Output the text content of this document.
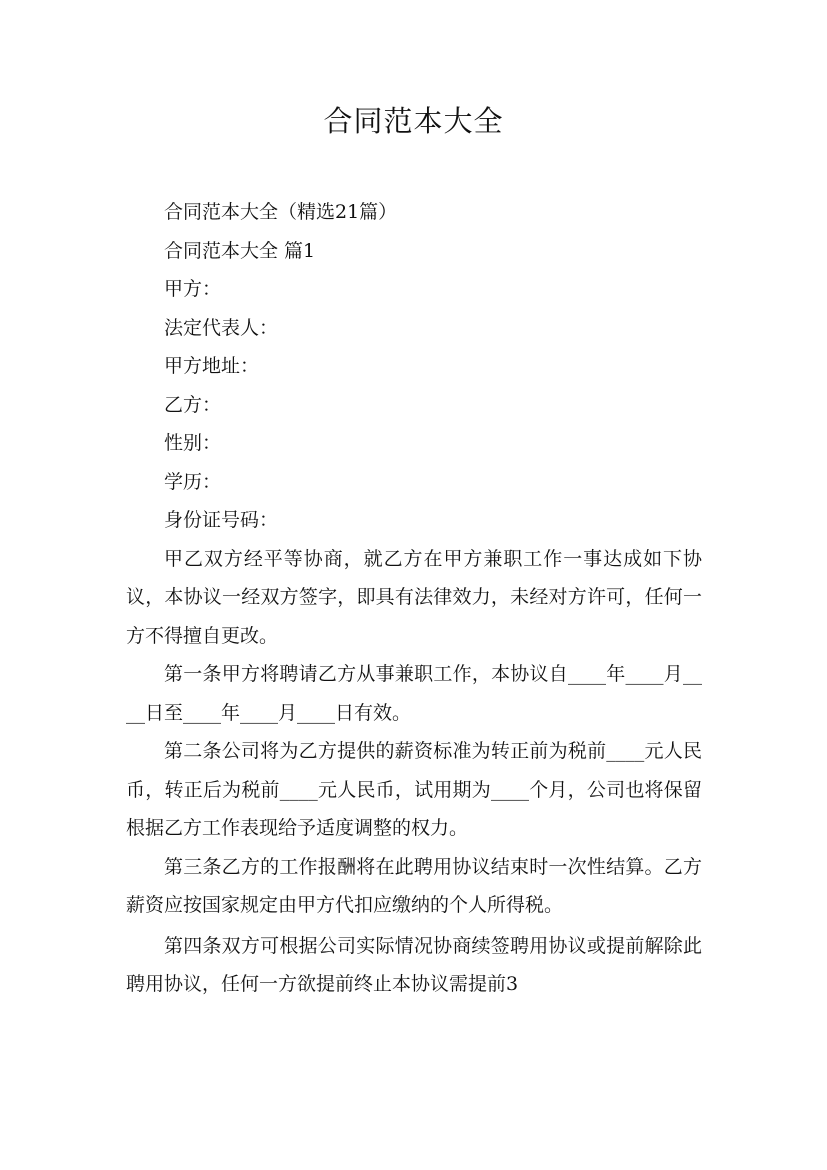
合同范本大全

合同范本大全（精选21篇）

合同范本大全 篇1

甲方：

法定代表人：

甲方地址：

乙方：

性别：

学历：

身份证号码：

甲乙双方经平等协商，就乙方在甲方兼职工作一事达成如下协议，本协议一经双方签字，即具有法律效力，未经对方许可，任何一方不得擅自更改。

第一条甲方将聘请乙方从事兼职工作，本协议自____年____月____日至____年____月____日有效。

第二条公司将为乙方提供的薪资标准为转正前为税前____元人民币，转正后为税前____元人民币，试用期为____个月，公司也将保留根据乙方工作表现给予适度调整的权力。

第三条乙方的工作报酬将在此聘用协议结束时一次性结算。乙方薪资应按国家规定由甲方代扣应缴纳的个人所得税。

第四条双方可根据公司实际情况协商续签聘用协议或提前解除此聘用协议，任何一方欲提前终止本协议需提前3
